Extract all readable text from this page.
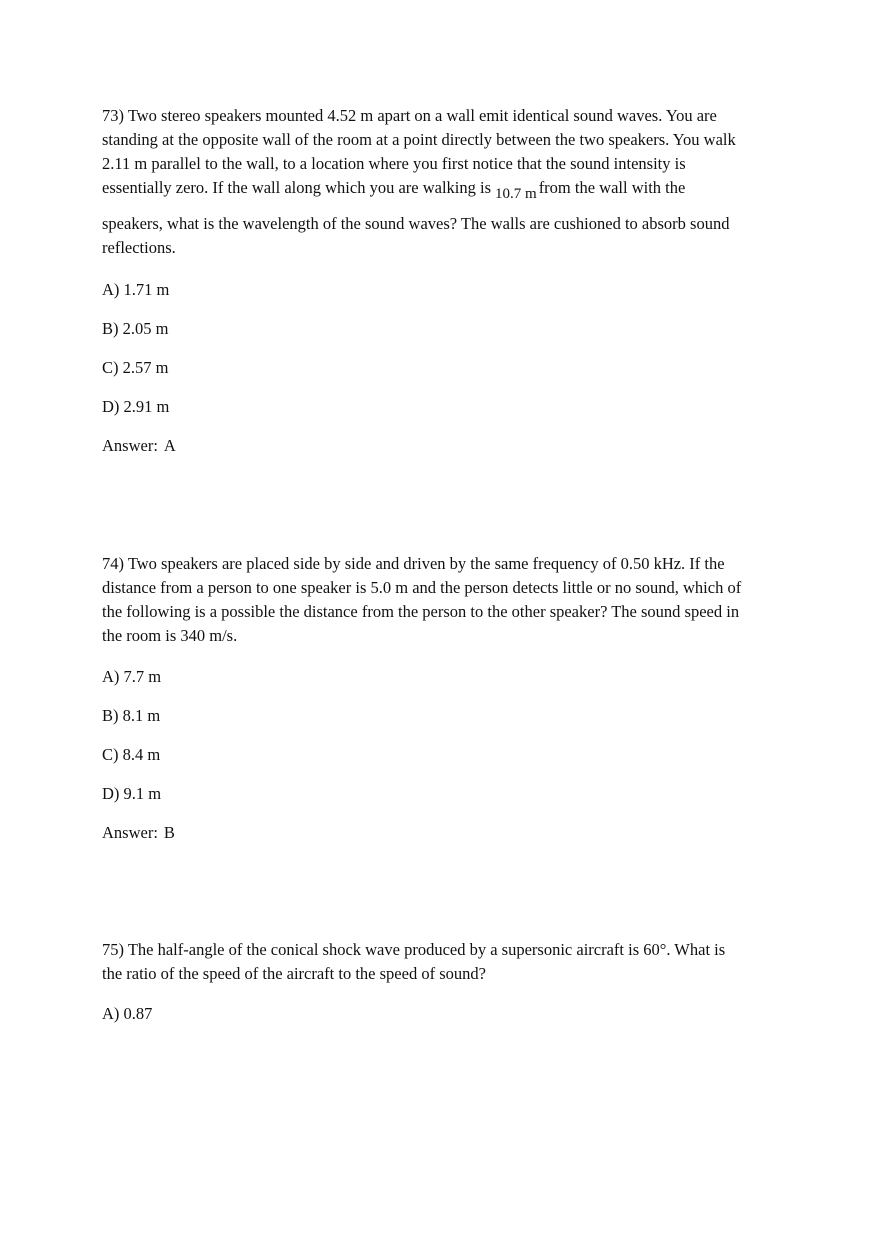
73) Two stereo speakers mounted 4.52 m apart on a wall emit identical sound waves. You are
standing at the opposite wall of the room at a point directly between the two speakers. You walk
2.11 m parallel to the wall, to a location where you first notice that the sound intensity is
essentially zero. If the wall along which you are walking is 10.7 m from the wall with the
speakers, what is the wavelength of the sound waves? The walls are cushioned to absorb sound
reflections.

A) 1.71 m
B) 2.05 m
C) 2.57 m
D) 2.91 m
Answer: A

74) Two speakers are placed side by side and driven by the same frequency of 0.50 kHz. If the
distance from a person to one speaker is 5.0 m and the person detects little or no sound, which of
the following is a possible the distance from the person to the other speaker? The sound speed in
the room is 340 m/s.

A) 7.7 m
B) 8.1 m
C) 8.4 m
D) 9.1 m
Answer: B

75) The half-angle of the conical shock wave produced by a supersonic aircraft is 60°. What is
the ratio of the speed of the aircraft to the speed of sound?

A) 0.87
